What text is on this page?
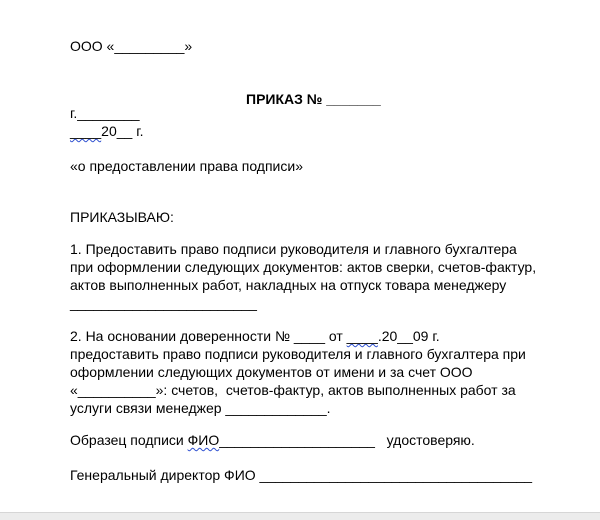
ООО «_________»

ПРИКАЗ № _______

г.________

____20__ г.

«о предоставлении права подписи»

ПРИКАЗЫВАЮ:

1. Предоставить право подписи руководителя и главного бухгалтера

при оформлении следующих документов: актов сверки, счетов-фактур,

актов выполненных работ, накладных на отпуск товара менеджеру

________________________

2. На основании доверенности № ____ от ____.20__09 г.

предоставить право подписи руководителя и главного бухгалтера при

оформлении следующих документов от имени и за счет ООО

«__________»: счетов,  счетов-фактур, актов выполненных работ за

услуги связи менеджер _____________.

Образец подписи ФИО____________________   удостоверяю.

Генеральный директор ФИО ___________________________________
